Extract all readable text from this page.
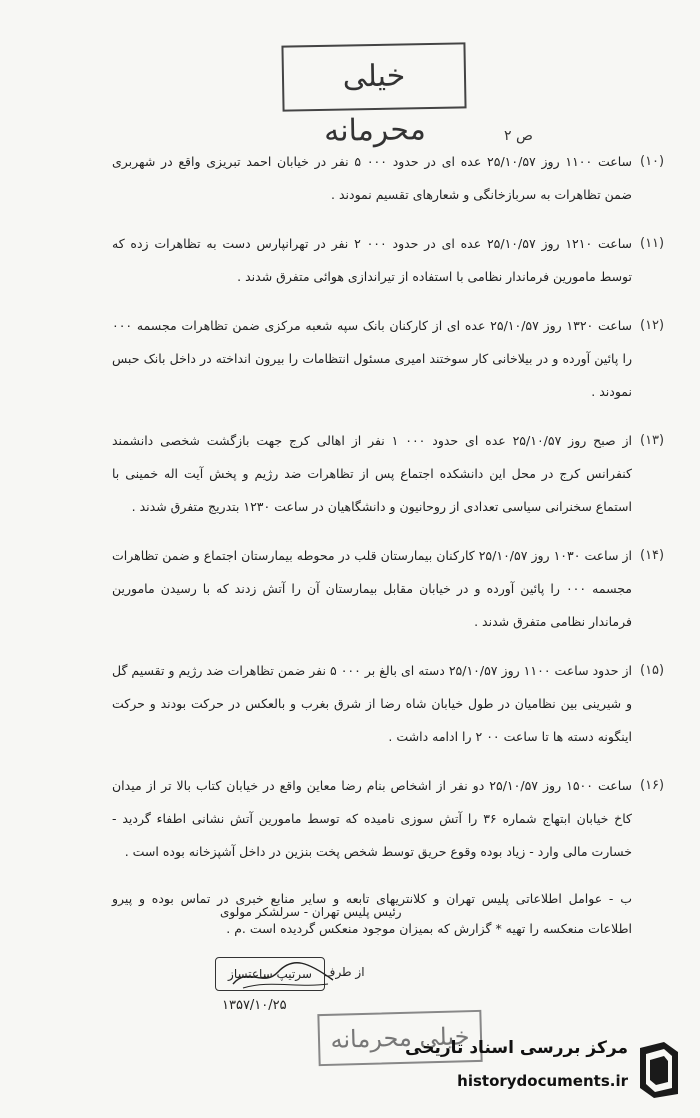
خیلی محرمانه	ص ۲
(۱۰)
ساعت ۱۱۰۰ روز ۲۵/۱۰/۵۷ عده ای در حدود ۰۰۰ ۵ نفر در خیابان احمد تبریزی واقع در شهربری ضمن تظاهرات به سربازخانگی و شعارهای تقسیم نمودند .
(۱۱)
ساعت ۱۲۱۰ روز ۲۵/۱۰/۵۷ عده ای در حدود ۰۰۰ ۲ نفر در تهرانپارس دست به تظاهرات زده که توسط مامورین فرماندار نظامی با استفاده از تیراندازی هوائی متفرق شدند .
(۱۲)
ساعت ۱۳۲۰ روز ۲۵/۱۰/۵۷ عده ای از کارکنان بانک سپه شعبه مرکزی ضمن تظاهرات مجسمه ۰۰۰ را پائین آورده و در بیلاخانی کار سوختند امیری مسئول انتظامات را بیرون انداخته در داخل بانک حبس نمودند .
(۱۳)
از صبح روز ۲۵/۱۰/۵۷ عده ای حدود ۰۰۰ ۱ نفر از اهالی کرج جهت بازگشت شخصی دانشمند کنفرانس کرج در محل این دانشکده اجتماع پس از تظاهرات ضد رژیم و پخش آیت اله خمینی با استماع سخنرانی سیاسی تعدادی از روحانیون و دانشگاهیان در ساعت ۱۲۳۰ بتدریج متفرق شدند .
(۱۴)
از ساعت ۱۰۳۰ روز ۲۵/۱۰/۵۷ کارکنان بیمارستان قلب در محوطه بیمارستان اجتماع و ضمن تظاهرات مجسمه ۰۰۰ را پائین آورده و در خیابان مقابل بیمارستان آن را آتش زدند که با رسیدن مامورین فرماندار نظامی متفرق شدند .
(۱۵)
از حدود ساعت ۱۱۰۰ روز ۲۵/۱۰/۵۷ دسته ای بالغ بر ۰۰۰ ۵ نفر ضمن تظاهرات ضد رژیم و تقسیم گل و شیرینی بین نظامیان در طول خیابان شاه رضا از شرق بغرب و بالعکس در حرکت بودند و حرکت اینگونه دسته ها تا ساعت ۰۰ ۲ را ادامه داشت .
(۱۶)
ساعت ۱۵۰۰ روز ۲۵/۱۰/۵۷ دو نفر از اشخاص بنام رضا معاین واقع در خیابان کتاب بالا تر از میدان کاخ خیابان ابتهاج شماره ۳۶ را آتش سوزی نامیده که توسط مامورین آتش نشانی اطفاء گردید - خسارت مالی وارد - زیاد بوده وقوع حریق توسط شخص پخت بنزین در داخل آشپزخانه بوده است .
ب - عوامل اطلاعاتی پلیس تهران و کلانتریهای تابعه و سایر منابع خبری در تماس بوده و پیرو اطلاعات منعکسه را تهیه * گزارش که بمیزان موجود منعکس گردیده است .م .
رئیس پلیس تهران - سرلشکر مولوی
از طرف
سرتیپ ساعتساز
۱۳۵۷/۱۰/۲۵
خیلی محرمانه
مرکز بررسی اسناد تاریخی
historydocuments.ir
